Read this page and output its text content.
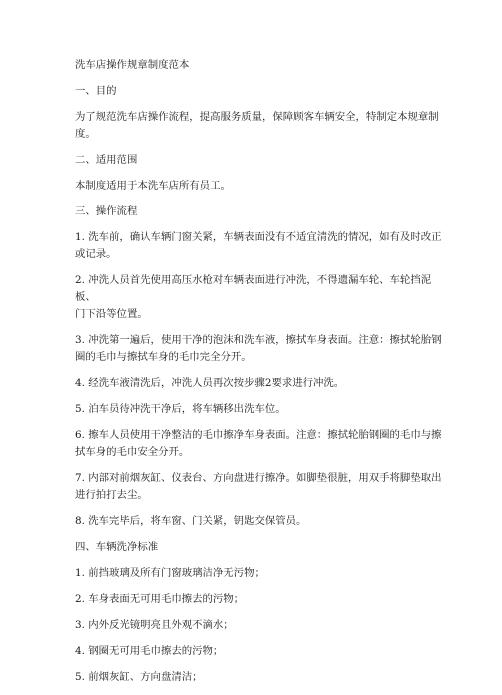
洗车店操作规章制度范本

一、目的

为了规范洗车店操作流程，提高服务质量，保障顾客车辆安全，特制定本规章制度。

二、适用范围

本制度适用于本洗车店所有员工。

三、操作流程

1. 洗车前，确认车辆门窗关紧，车辆表面没有不适宜清洗的情况，如有及时改正
或记录。

2. 冲洗人员首先使用高压水枪对车辆表面进行冲洗，不得遗漏车轮、车轮挡泥板、
门下沿等位置。

3. 冲洗第一遍后，使用干净的泡沫和洗车液，擦拭车身表面。注意：擦拭轮胎钢
圈的毛巾与擦拭车身的毛巾完全分开。

4. 经洗车液清洗后，冲洗人员再次按步骤2要求进行冲洗。

5. 泊车员待冲洗干净后，将车辆移出洗车位。

6. 擦车人员使用干净整洁的毛巾擦净车身表面。注意：擦拭轮胎钢圈的毛巾与擦
拭车身的毛巾安全分开。

7. 内部对前烟灰缸、仪表台、方向盘进行擦净。如脚垫很脏，用双手将脚垫取出
进行拍打去尘。

8. 洗车完毕后，将车窗、门关紧，钥匙交保管员。

四、车辆洗净标准

1. 前挡玻璃及所有门窗玻璃洁净无污物；

2. 车身表面无可用毛巾擦去的污物；

3. 内外反光镜明亮且外观不滴水；

4. 钢圈无可用毛巾擦去的污物；

5. 前烟灰缸、方向盘清洁；
